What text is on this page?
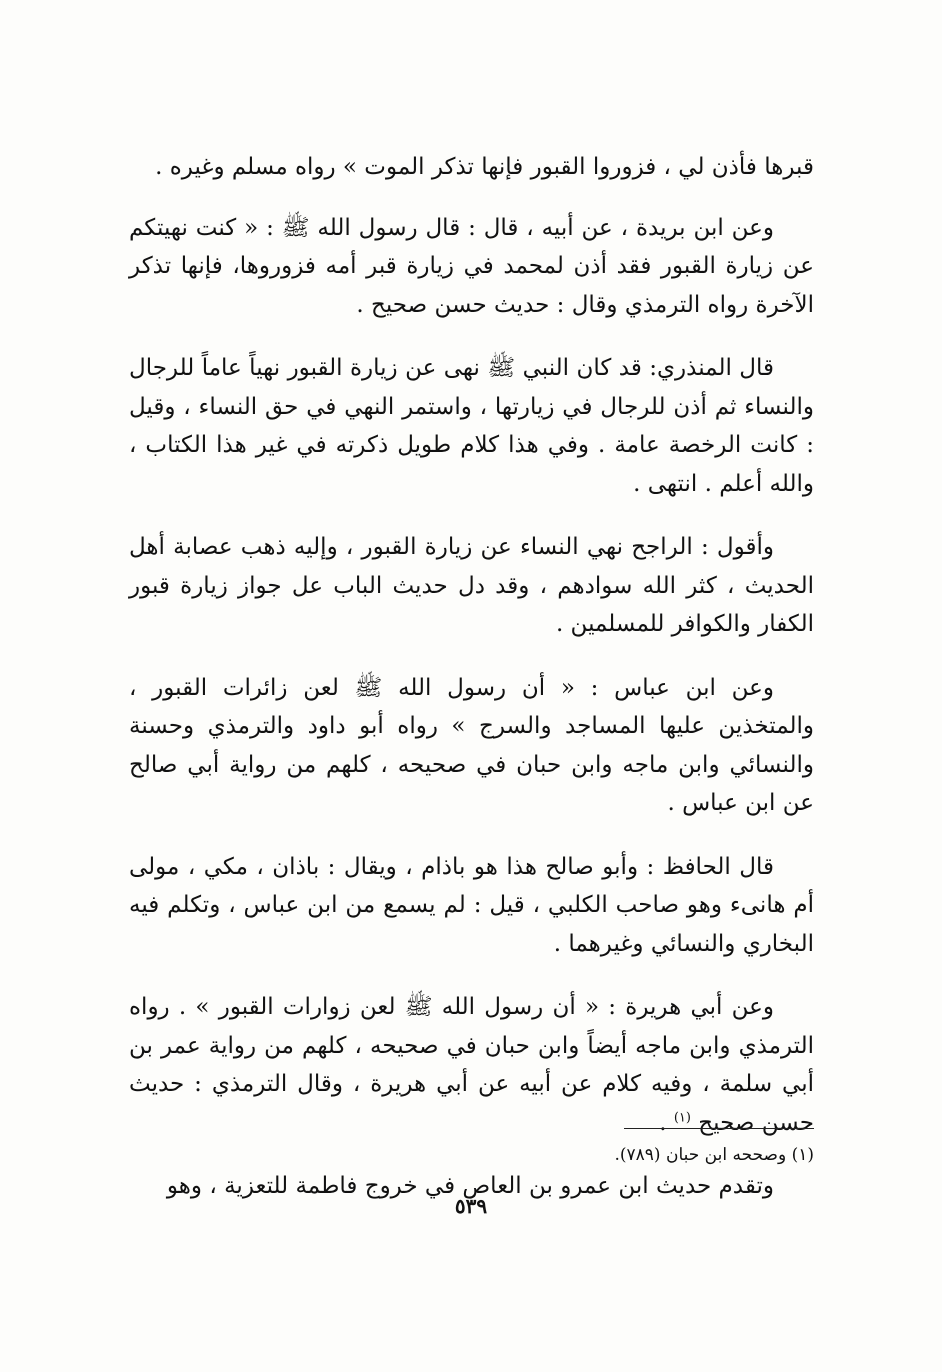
قبرها فأذن لي ، فزوروا القبور فإنها تذكر الموت » رواه مسلم وغيره .

وعن ابن بريدة ، عن أبيه ، قال : قال رسول الله ﷺ : « كنت نهيتكم عن زيارة القبور فقد أذن لمحمد في زيارة قبر أمه فزوروها، فإنها تذكر الآخرة رواه الترمذي وقال : حديث حسن صحيح .

قال المنذري: قد كان النبي ﷺ نهى عن زيارة القبور نهياً عاماً للرجال والنساء ثم أذن للرجال في زيارتها ، واستمر النهي في حق النساء ، وقيل : كانت الرخصة عامة . وفي هذا كلام طويل ذكرته في غير هذا الكتاب ، والله أعلم . انتهى .

وأقول : الراجح نهي النساء عن زيارة القبور ، وإليه ذهب عصابة أهل الحديث ، كثر الله سوادهم ، وقد دل حديث الباب عل جواز زيارة قبور الكفار والكوافر للمسلمين .

وعن ابن عباس : « أن رسول الله ﷺ لعن زائرات القبور ، والمتخذين عليها المساجد والسرج » رواه أبو داود والترمذي وحسنة والنسائي وابن ماجه وابن حبان في صحيحه ، كلهم من رواية أبي صالح عن ابن عباس .

قال الحافظ : وأبو صالح هذا هو باذام ، ويقال : باذان ، مكي ، مولى أم هانىء وهو صاحب الكلبي ، قيل : لم يسمع من ابن عباس ، وتكلم فيه البخاري والنسائي وغيرهما .

وعن أبي هريرة : « أن رسول الله ﷺ لعن زوارات القبور » . رواه الترمذي وابن ماجه أيضاً وابن حبان في صحيحه ، كلهم من رواية عمر بن أبي سلمة ، وفيه كلام عن أبيه عن أبي هريرة ، وقال الترمذي : حديث حسن صحيح $^{(١)}$ .

وتقدم حديث ابن عمرو بن العاص في خروج فاطمة للتعزية ، وهو

(١) وصححه ابن حبان (٧٨٩).
٥٣٩
